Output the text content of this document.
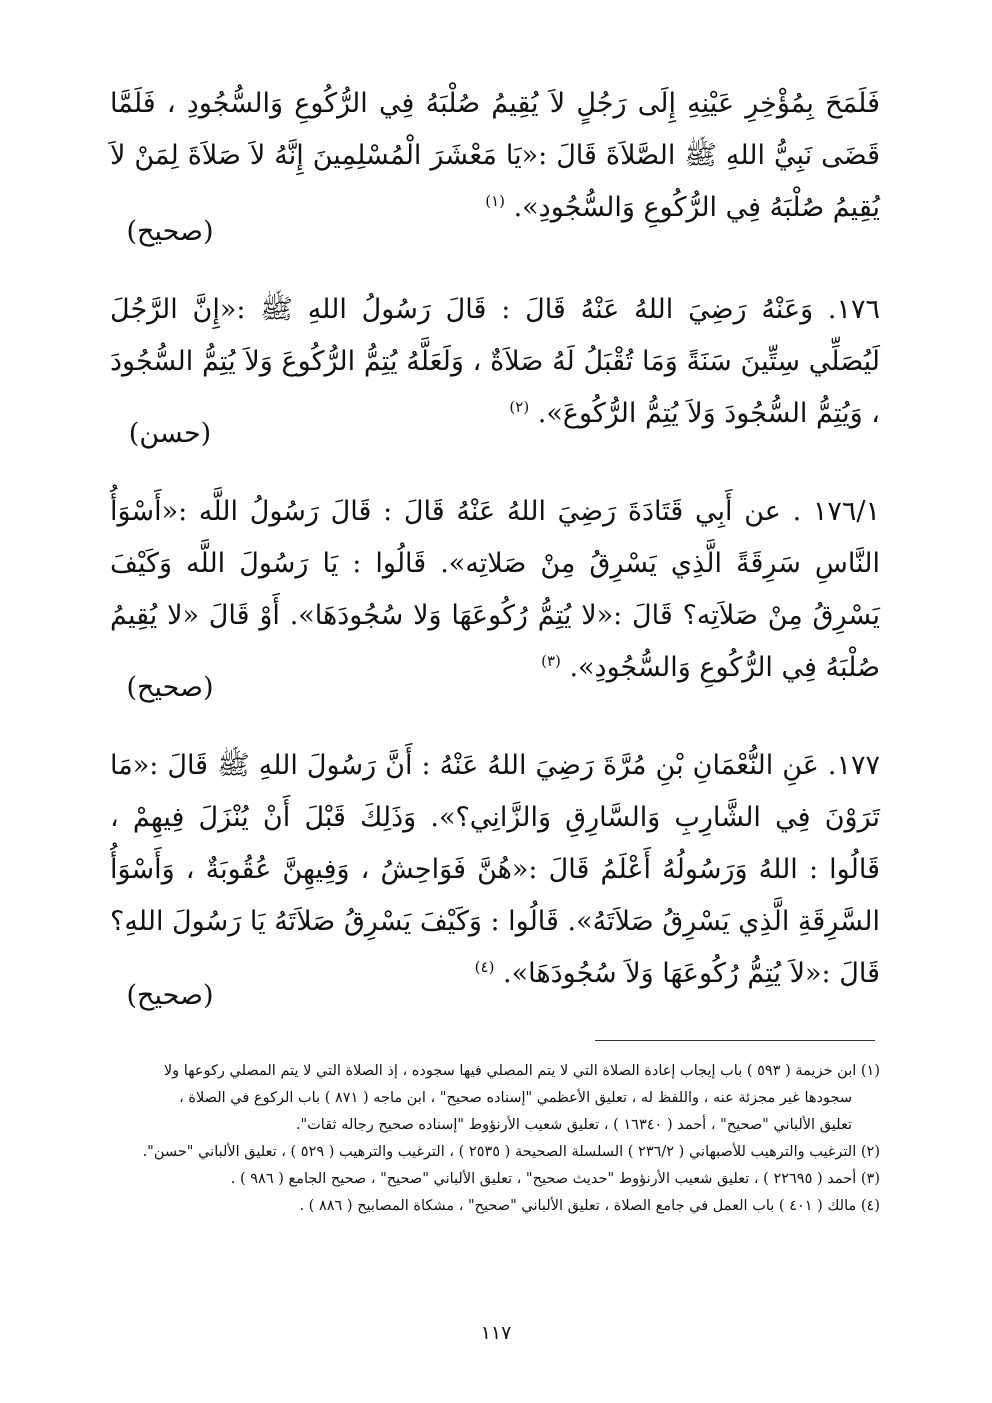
فَلَمَحَ بِمُؤْخِرِ عَيْنِهِ إِلَى رَجُلٍ لاَ يُقِيمُ صُلْبَهُ فِي الرُّكُوعِ وَالسُّجُودِ ، فَلَمَّا قَضَى نَبِيُّ اللهِ ﷺ الصَّلاَةَ قَالَ :«يَا مَعْشَرَ الْمُسْلِمِينَ إِنَّهُ لاَ صَلاَةَ لِمَنْ لاَ يُقِيمُ صُلْبَهُ فِي الرُّكُوعِ وَالسُّجُودِ». $^{(١)}$

(صحيح)

١٧٦. وَعَنْهُ رَضِيَ اللهُ عَنْهُ قَالَ : قَالَ رَسُولُ اللهِ ﷺ :«إِنَّ الرَّجُلَ لَيُصَلِّي سِتِّينَ سَنَةً وَمَا تُقْبَلُ لَهُ صَلاَةٌ ، وَلَعَلَّهُ يُتِمُّ الرُّكُوعَ وَلاَ يُتِمُّ السُّجُودَ ، وَيُتِمُّ السُّجُودَ وَلاَ يُتِمُّ الرُّكُوعَ». $^{(٢)}$

(حسن)

١٧٦/١ . عن أَبِي قَتَادَةَ رَضِيَ اللهُ عَنْهُ قَالَ : قَالَ رَسُولُ اللَّه :«أَسْوَأُ النَّاسِ سَرِقَةً الَّذِي يَسْرِقُ مِنْ صَلاتِه». قَالُوا : يَا رَسُولَ اللَّه وَكَيْفَ يَسْرِقُ مِنْ صَلاَتِه؟ قَالَ :«لا يُتِمُّ رُكُوعَهَا وَلا سُجُودَهَا». أَوْ قَالَ «لا يُقِيمُ صُلْبَهُ فِي الرُّكُوعِ وَالسُّجُودِ». $^{(٣)}$

(صحيح)

١٧٧. عَنِ النُّعْمَانِ بْنِ مُرَّةَ رَضِيَ اللهُ عَنْهُ : أَنَّ رَسُولَ اللهِ ﷺ قَالَ :«مَا تَرَوْنَ فِي الشَّارِبِ وَالسَّارِقِ وَالزَّانِي؟». وَذَلِكَ قَبْلَ أَنْ يُنْزَلَ فِيهِمْ ، قَالُوا : اللهُ وَرَسُولُهُ أَعْلَمُ قَالَ :«هُنَّ فَوَاحِشُ ، وَفِيهِنَّ عُقُوبَةٌ ، وَأَسْوَأُ السَّرِقَةِ الَّذِي يَسْرِقُ صَلاَتَهُ». قَالُوا : وَكَيْفَ يَسْرِقُ صَلاَتَهُ يَا رَسُولَ اللهِ؟ قَالَ :«لاَ يُتِمُّ رُكُوعَهَا وَلاَ سُجُودَهَا». $^{(٤)}$

(صحيح)

(١) ابن خزيمة ( ٥٩٣ ) باب إيجاب إعادة الصلاة التي لا يتم المصلي فيها سجوده ، إذ الصلاة التي لا يتم المصلي ركوعها ولا

سجودها غير مجزئة عنه ، واللفظ له ، تعليق الأعظمي "إسناده صحيح" ، ابن ماجه ( ٨٧١ ) باب الركوع في الصلاة ،

تعليق الألباني "صحيح" ، أحمد ( ١٦٣٤٠ ) ، تعليق شعيب الأرنؤوط "إسناده صحيح رجاله ثقات".

(٢) الترغيب والترهيب للأصبهاني ( ٢٣٦/٢ ) السلسلة الصحيحة ( ٢٥٣٥ ) ، الترغيب والترهيب ( ٥٢٩ ) ، تعليق الألباني "حسن".

(٣) أحمد ( ٢٢٦٩٥ ) ، تعليق شعيب الأرنؤوط "حديث صحيح" ، تعليق الألباني "صحيح" ، صحيح الجامع ( ٩٨٦ ) .

(٤) مالك ( ٤٠١ ) باب العمل في جامع الصلاة ، تعليق الألباني "صحيح" ، مشكاة المصابيح ( ٨٨٦ ) .

١١٧
